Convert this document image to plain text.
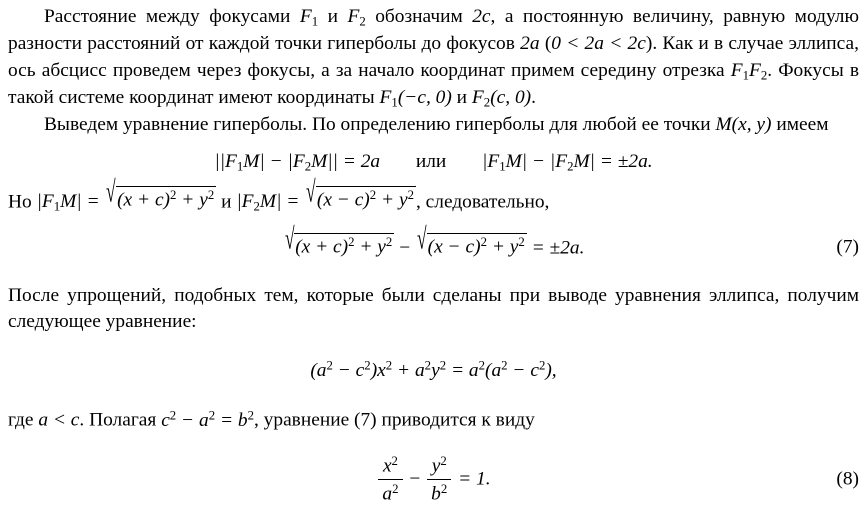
Расстояние между фокусами $F_1$ и $F_2$ обозначим 2c, а постоянную величину, равную модулю разности расстояний от каждой точки гиперболы до фокусов 2a (0 < 2a < 2c). Как и в случае эллипса, ось абсцисс проведем через фокусы, а за начало координат примем середину отрезка $F_1F_2$. Фокусы в такой системе координат имеют координаты $F_1(-c$, 0) и $F_2(c$, 0).

Выведем уравнение гиперболы. По определению гиперболы для любой ее точки M(x, y) имеем

$||F_1M| - |F_2M|| = 2a$ или $|F_1M| - |F_2M| = \pm 2a$.

Но $|F_1M| = √(x + c)^2 + y^2$ и $|F_2M| = √(x - c)^2 + y^2$ , следовательно,

$√(x + c)^2 + y^2 - √(x - c)^2 + y^2 = \pm 2a$.	(7)

После упрощений, подобных тем, которые были сделаны при выводе уравнения эллипса, получим следующее уравнение:

$(a^2 - c^2)x^2 + a^2y^2 = a^2(a^2 - c^2)$,

где a < c. Полагая $c^2 - a^2 = b^2$, уравнение (7) приводится к виду

$\frac{x^2}{a^2} - \frac{y^2}{b^2} = 1$.	(8)
